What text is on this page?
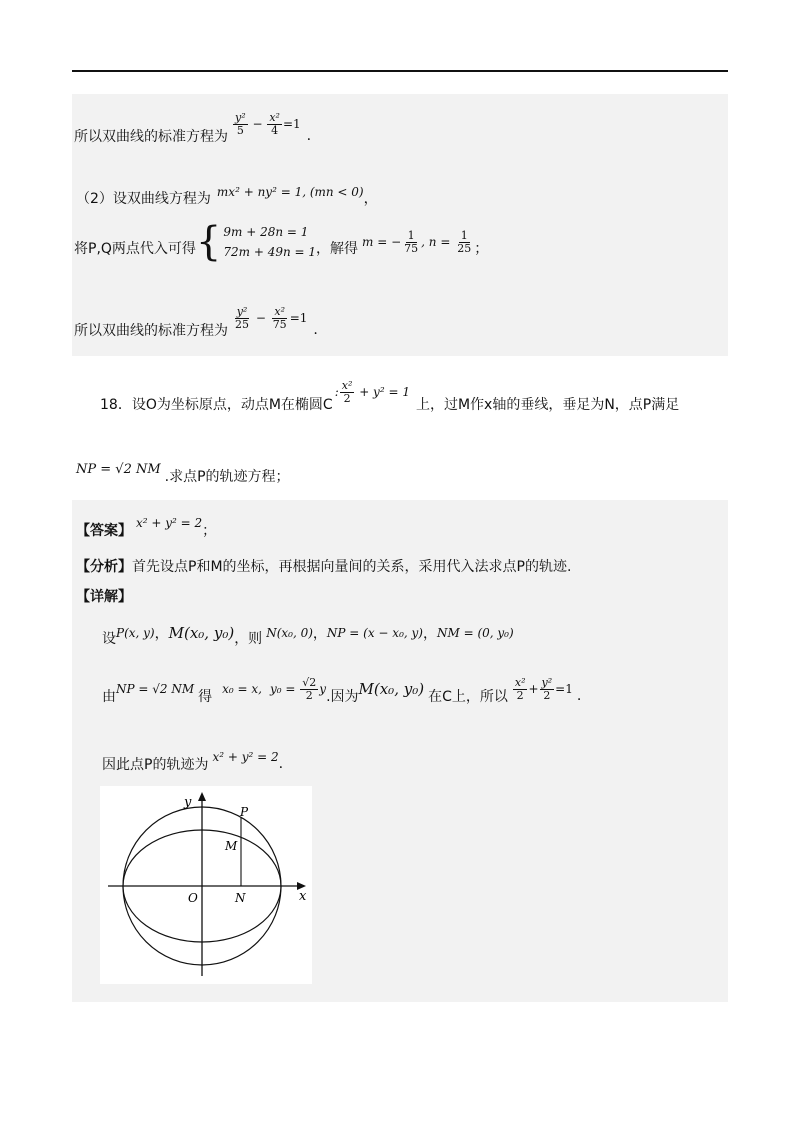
所以双曲线的标准方程为
$\frac{\text{y²}}{5} - \frac{\text{x²}}{4} =1$
.
（2）设双曲线方程为 mx² + ny² = 1, (mn < 0) ，
将P,Q两点代入可得 { 9m + 28n = 1
72m + 49n = 1 ，解得 m = − $\frac{1}{75}$ , $n = \frac{1}{25}$ ；
所以双曲线的标准方程为
$\frac{\text{y²}}{25} - \frac{\text{x²}}{75} =1$
.
18． 设O为坐标原点，动点M在椭圆C
: $\frac{\text{x²}}{2} + y^2 = 1$
上，过M作x轴的垂线，垂足为N，点P满足
NP = √2 NM .求点P的轨迹方程；
【答案】 x² + y² = 2 ；
【分析】 首先设点P和M的坐标，再根据向量间的关系，采用代入法求点P的轨迹.
【详解】
设 P(x, y) ， M(x₀, y₀) ，则 N(x₀, 0) ， NP = (x − x₀, y) ， NM = (0, y₀)
由 NP = √2 NM 得 x₀ = x, $y_0 = \frac{√2}{2}$ y
.因为 M(x₀, y₀) 在C上，所以 $\frac{\text{x²}}{2} + \frac{\text{y²}}{2} =1$ .
因此点P的轨迹为 x² + y² = 2 .
y
x
O	N
M
P
